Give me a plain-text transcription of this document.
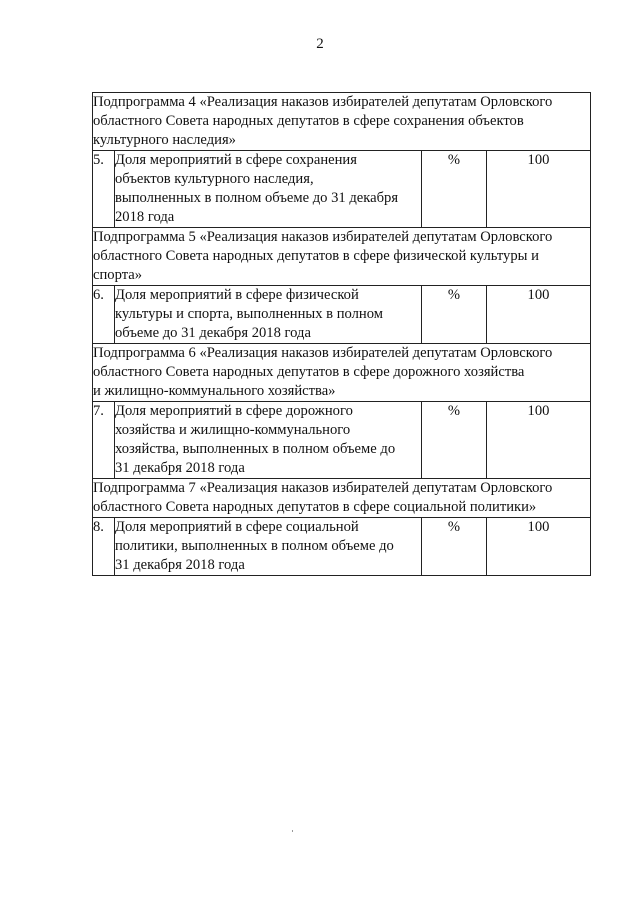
2
Подпрограмма 4 «Реализация наказов избирателей депутатам Орловского
областного Совета народных депутатов в сфере сохранения объектов
культурного наследия»			
5.	Доля мероприятий в сфере сохранения
объектов культурного наследия,
выполненных в полном объеме до 31 декабря
2018 года	%	100
Подпрограмма 5 «Реализация наказов избирателей депутатам Орловского
областного Совета народных депутатов в сфере физической культуры и
спорта»			
6.	Доля мероприятий в сфере физической
культуры и спорта, выполненных в полном
объеме до 31 декабря 2018 года	%	100
Подпрограмма 6 «Реализация наказов избирателей депутатам Орловского
областного Совета народных депутатов в сфере дорожного хозяйства
и жилищно-коммунального хозяйства»			
7.	Доля мероприятий в сфере дорожного
хозяйства и жилищно-коммунального
хозяйства, выполненных в полном объеме до
31 декабря 2018 года	%	100
Подпрограмма 7 «Реализация наказов избирателей депутатам Орловского
областного Совета народных депутатов в сфере социальной политики»			
8.	Доля мероприятий в сфере социальной
политики, выполненных в полном объеме до
31 декабря 2018 года	%	100
